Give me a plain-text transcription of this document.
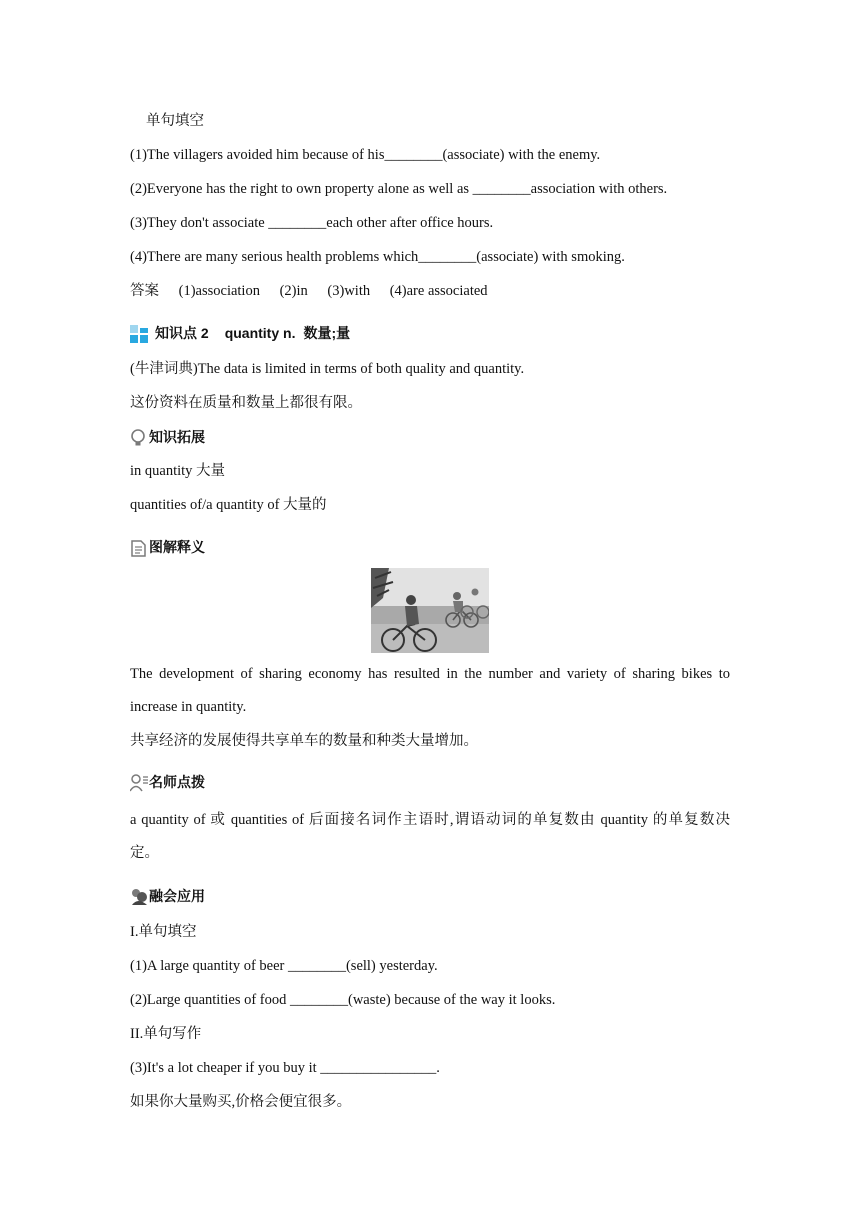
单句填空
(1)The villagers avoided him because of his________(associate) with the enemy.
(2)Everyone has the right to own property alone as well as ________association with others.
(3)They don't associate ________each other after office hours.
(4)There are many serious health problems which________(associate) with smoking.
答案 (1)association (2)in (3)with (4)are associated
知识点 2 quantity n. 数量;量
(牛津词典)The data is limited in terms of both quality and quantity.
这份资料在质量和数量上都很有限。
知识拓展
in quantity 大量
quantities of/a quantity of 大量的
图解释义
The development of sharing economy has resulted in the number and variety of sharing bikes to
increase in quantity.
共享经济的发展使得共享单车的数量和种类大量增加。
名师点拨
a quantity of 或 quantities of 后面接名词作主语时,谓语动词的单复数由 quantity 的单复数决
定。
融会应用
I.单句填空
(1)A large quantity of beer ________(sell) yesterday.
(2)Large quantities of food ________(waste) because of the way it looks.
II.单句写作
(3)It's a lot cheaper if you buy it ________________.
如果你大量购买,价格会便宜很多。
